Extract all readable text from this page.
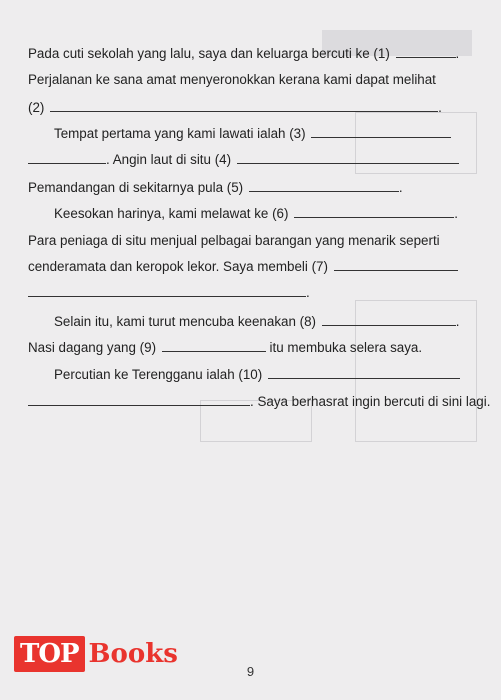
Pada cuti sekolah yang lalu, saya dan keluarga bercuti ke (1)	.
Perjalanan ke sana amat menyeronokkan kerana kami dapat melihat
(2)	.
Tempat pertama yang kami lawati ialah (3)
. Angin laut di situ (4)
Pemandangan di sekitarnya pula (5)	.
Keesokan harinya, kami melawat ke (6)	.
Para peniaga di situ menjual pelbagai barangan yang menarik seperti
cenderamata dan keropok lekor. Saya membeli (7)
.
Selain itu, kami turut mencuba keenakan (8)	.
Nasi dagang yang (9)	itu membuka selera saya.
Percutian ke Terengganu ialah (10)
. Saya berhasrat ingin bercuti di sini lagi.
TOP Books
9
